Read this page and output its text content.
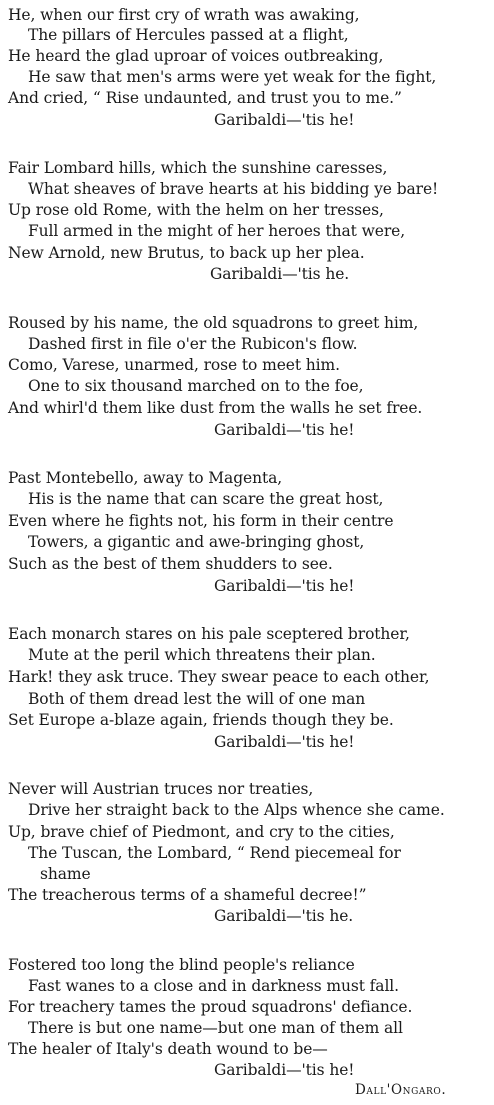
He, when our first cry of wrath was awaking,
The pillars of Hercules passed at a flight,
He heard the glad uproar of voices outbreaking,
He saw that men's arms were yet weak for the fight,
And cried, “ Rise undaunted, and trust you to me.”
Garibaldi—'tis he!
Fair Lombard hills, which the sunshine caresses,
What sheaves of brave hearts at his bidding ye bare!
Up rose old Rome, with the helm on her tresses,
Full armed in the might of her heroes that were,
New Arnold, new Brutus, to back up her plea.
Garibaldi—'tis he.
Roused by his name, the old squadrons to greet him,
Dashed first in file o'er the Rubicon's flow.
Como, Varese, unarmed, rose to meet him.
One to six thousand marched on to the foe,
And whirl'd them like dust from the walls he set free.
Garibaldi—'tis he!
Past Montebello, away to Magenta,
His is the name that can scare the great host,
Even where he fights not, his form in their centre
Towers, a gigantic and awe-bringing ghost,
Such as the best of them shudders to see.
Garibaldi—'tis he!
Each monarch stares on his pale sceptered brother,
Mute at the peril which threatens their plan.
Hark! they ask truce. They swear peace to each other,
Both of them dread lest the will of one man
Set Europe a-blaze again, friends though they be.
Garibaldi—'tis he!
Never will Austrian truces nor treaties,
Drive her straight back to the Alps whence she came.
Up, brave chief of Piedmont, and cry to the cities,
The Tuscan, the Lombard, “ Rend piecemeal for
shame
The treacherous terms of a shameful decree!”
Garibaldi—'tis he.
Fostered too long the blind people's reliance
Fast wanes to a close and in darkness must fall.
For treachery tames the proud squadrons' defiance.
There is but one name—but one man of them all
The healer of Italy's death wound to be—
Garibaldi—'tis he!
Dall'Ongaro.
